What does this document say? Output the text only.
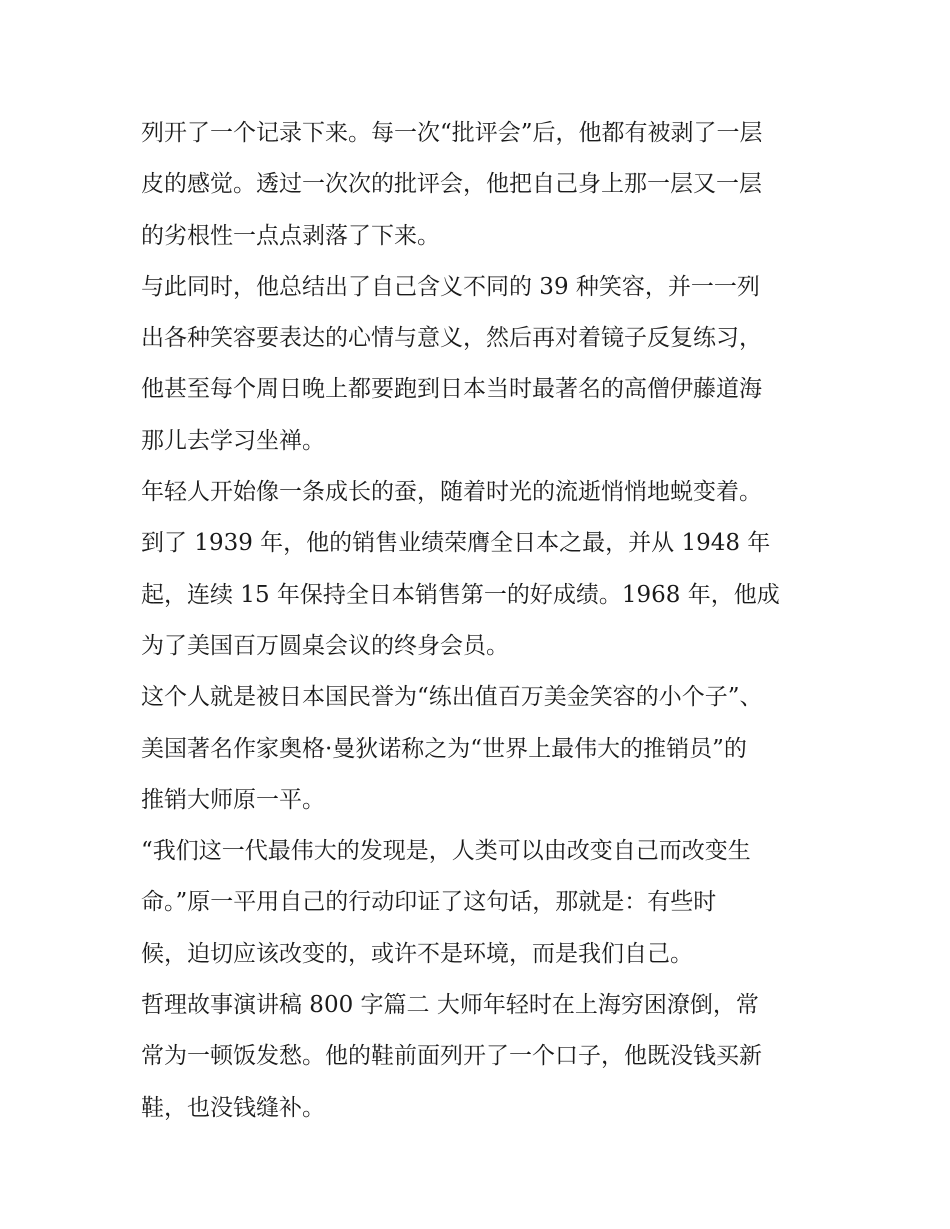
列开了一个记录下来。每一次“批评会”后，他都有被剥了一层
皮的感觉。透过一次次的批评会，他把自己身上那一层又一层
的劣根性一点点剥落了下来。
与此同时，他总结出了自己含义不同的 39 种笑容，并一一列
出各种笑容要表达的心情与意义，然后再对着镜子反复练习，
他甚至每个周日晚上都要跑到日本当时最著名的高僧伊藤道海
那儿去学习坐禅。
年轻人开始像一条成长的蚕，随着时光的流逝悄悄地蜕变着。
到了 1939 年，他的销售业绩荣膺全日本之最，并从 1948 年
起，连续 15 年保持全日本销售第一的好成绩。1968 年，他成
为了美国百万圆桌会议的终身会员。
这个人就是被日本国民誉为“练出值百万美金笑容的小个子”、
美国著名作家奥格·曼狄诺称之为“世界上最伟大的推销员”的
推销大师原一平。
“我们这一代最伟大的发现是，人类可以由改变自己而改变生
命。”原一平用自己的行动印证了这句话，那就是：有些时
候，迫切应该改变的，或许不是环境，而是我们自己。
哲理故事演讲稿 800 字篇二 大师年轻时在上海穷困潦倒，常
常为一顿饭发愁。他的鞋前面列开了一个口子，他既没钱买新
鞋，也没钱缝补。
